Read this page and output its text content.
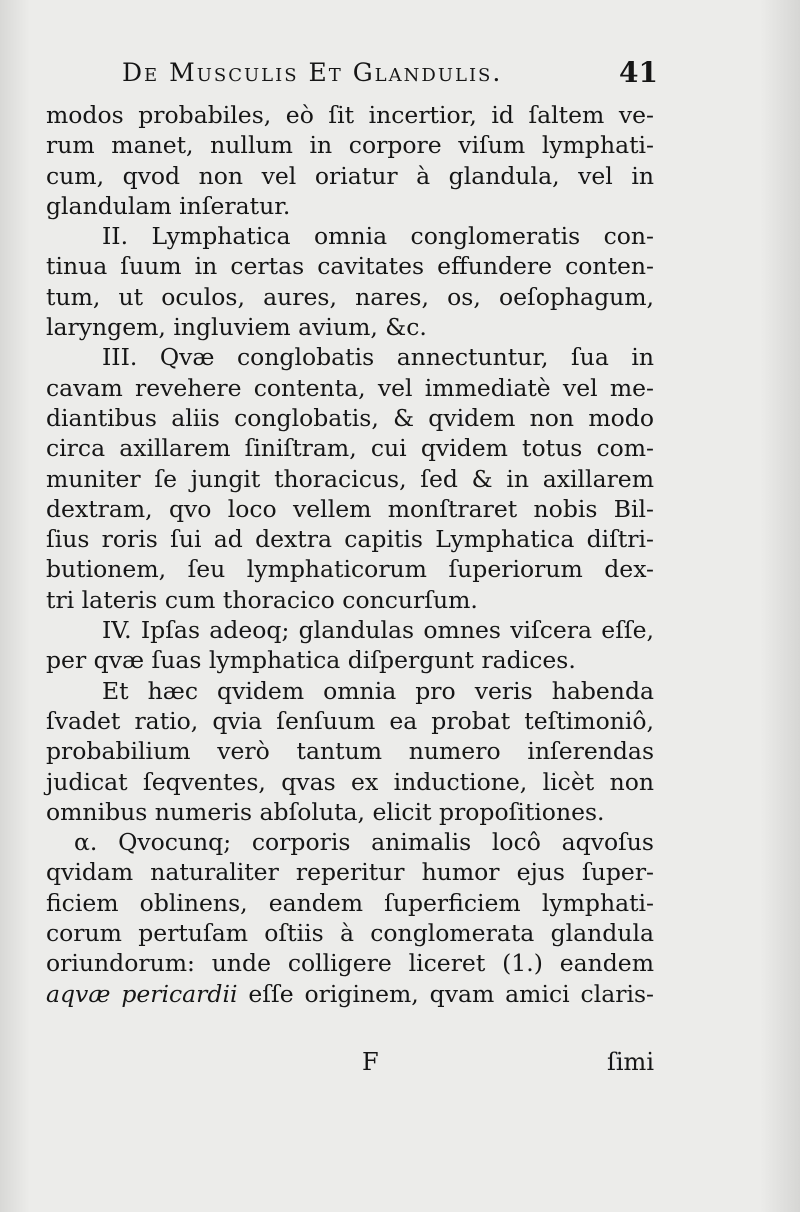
De Musculis Et Glandulis.	41
modos probabiles, eò ſit incertior, id ſaltem ve-
rum manet, nullum in corpore viſum lymphati-
cum, qvod non vel oriatur à glandula, vel in
glandulam inſeratur.
II. Lymphatica omnia conglomeratis con-
tinua ſuum in certas cavitates effundere conten-
tum, ut oculos, aures, nares, os, oeſophagum,
laryngem, ingluviem avium, &c.
III. Qvæ conglobatis annectuntur, ſua in
cavam revehere contenta, vel immediatè vel me-
diantibus aliis conglobatis, & qvidem non modo
circa axillarem ſiniſtram, cui qvidem totus com-
muniter ſe jungit thoracicus, ſed & in axillarem
dextram, qvo loco vellem monſtraret nobis Bil-
ſius roris ſui ad dextra capitis Lymphatica diſtri-
butionem, ſeu lymphaticorum ſuperiorum dex-
tri lateris cum thoracico concurſum.
IV. Ipſas adeoq; glandulas omnes viſcera eſſe,
per qvæ ſuas lymphatica diſpergunt radices.
Et hæc qvidem omnia pro veris habenda
ſvadet ratio, qvia ſenſuum ea probat teſtimoniô,
probabilium verò tantum numero inſerendas
judicat ſeqventes, qvas ex inductione, licèt non
omnibus numeris abſoluta, elicit propoſitiones.
α. Qvocunq; corporis animalis locô aqvoſus
qvidam naturaliter reperitur humor ejus ſuper-
ficiem oblinens, eandem ſuperficiem lymphati-
corum pertuſam oſtiis à conglomerata glandula
oriundorum: unde colligere liceret (1.) eandem
aqvæ pericardii eſſe originem, qvam amici claris-
F	ſimi
